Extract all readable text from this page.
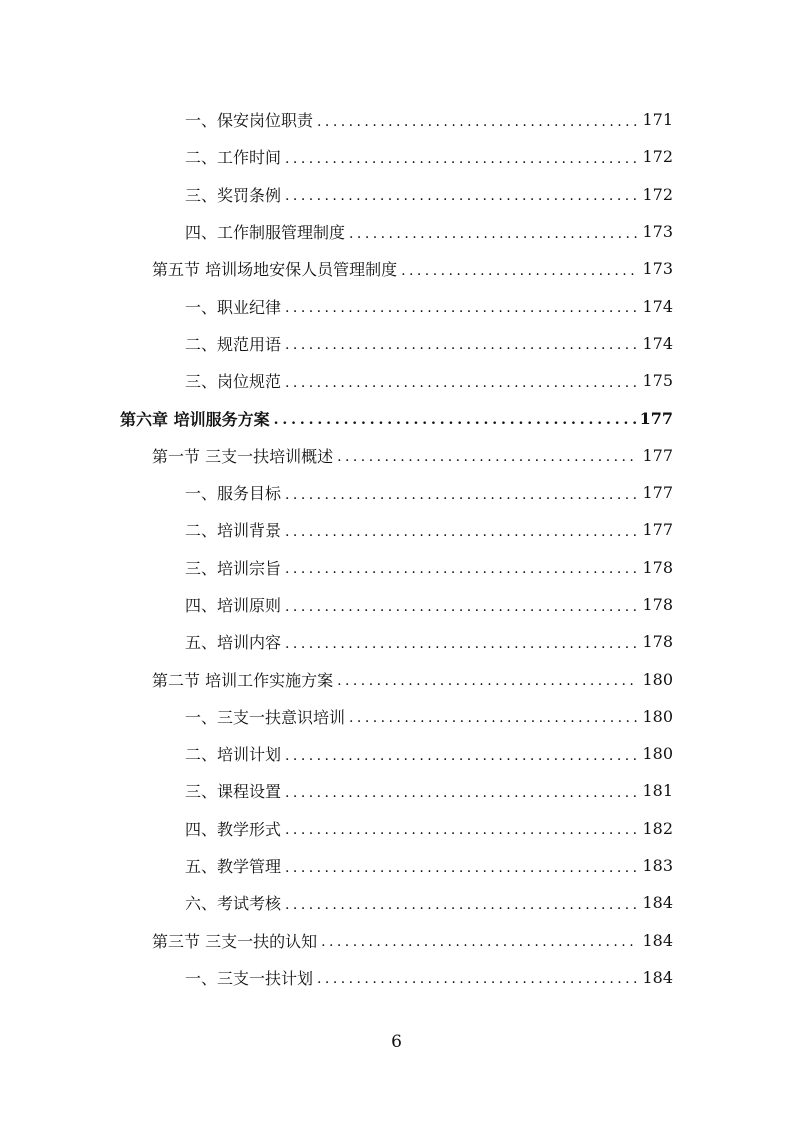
一、保安岗位职责 . . .	171
二、工作时间 . . .	172
三、奖罚条例 . . .	172
四、工作制服管理制度 . . .	173
第五节 培训场地安保人员管理制度 . . .	173
一、职业纪律 . . .	174
二、规范用语 . . .	174
三、岗位规范 . . .	175
第六章 培训服务方案 . . .	177
第一节 三支一扶培训概述 . . .	177
一、服务目标 . . .	177
二、培训背景 . . .	177
三、培训宗旨 . . .	178
四、培训原则 . . .	178
五、培训内容 . . .	178
第二节 培训工作实施方案 . . .	180
一、三支一扶意识培训 . . .	180
二、培训计划 . . .	180
三、课程设置 . . .	181
四、教学形式 . . .	182
五、教学管理 . . .	183
六、考试考核 . . .	184
第三节 三支一扶的认知 . . .	184
一、三支一扶计划 . . .	184
6
